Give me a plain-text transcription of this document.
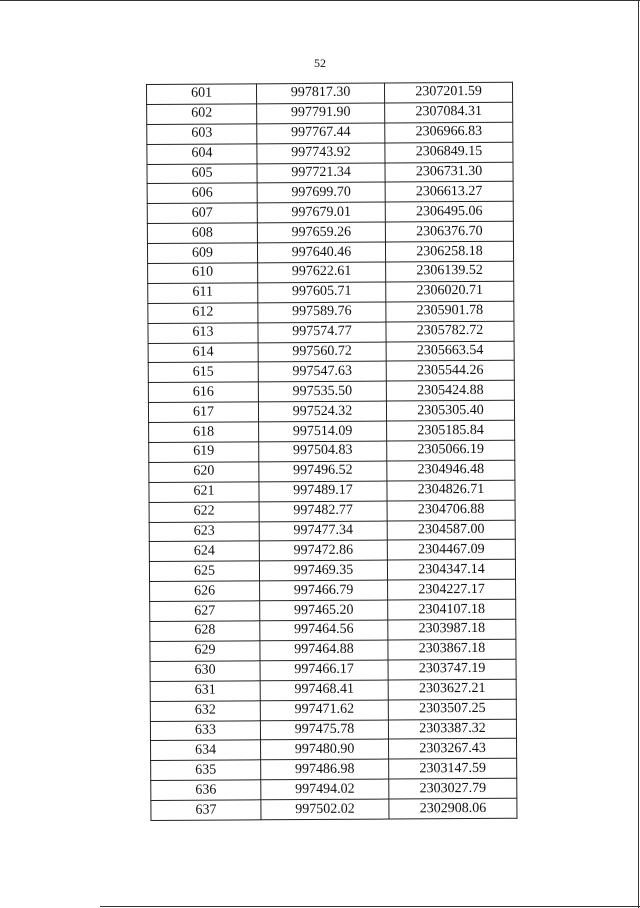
52
601	997817.30	2307201.59
602	997791.90	2307084.31
603	997767.44	2306966.83
604	997743.92	2306849.15
605	997721.34	2306731.30
606	997699.70	2306613.27
607	997679.01	2306495.06
608	997659.26	2306376.70
609	997640.46	2306258.18
610	997622.61	2306139.52
611	997605.71	2306020.71
612	997589.76	2305901.78
613	997574.77	2305782.72
614	997560.72	2305663.54
615	997547.63	2305544.26
616	997535.50	2305424.88
617	997524.32	2305305.40
618	997514.09	2305185.84
619	997504.83	2305066.19
620	997496.52	2304946.48
621	997489.17	2304826.71
622	997482.77	2304706.88
623	997477.34	2304587.00
624	997472.86	2304467.09
625	997469.35	2304347.14
626	997466.79	2304227.17
627	997465.20	2304107.18
628	997464.56	2303987.18
629	997464.88	2303867.18
630	997466.17	2303747.19
631	997468.41	2303627.21
632	997471.62	2303507.25
633	997475.78	2303387.32
634	997480.90	2303267.43
635	997486.98	2303147.59
636	997494.02	2303027.79
637	997502.02	2302908.06
